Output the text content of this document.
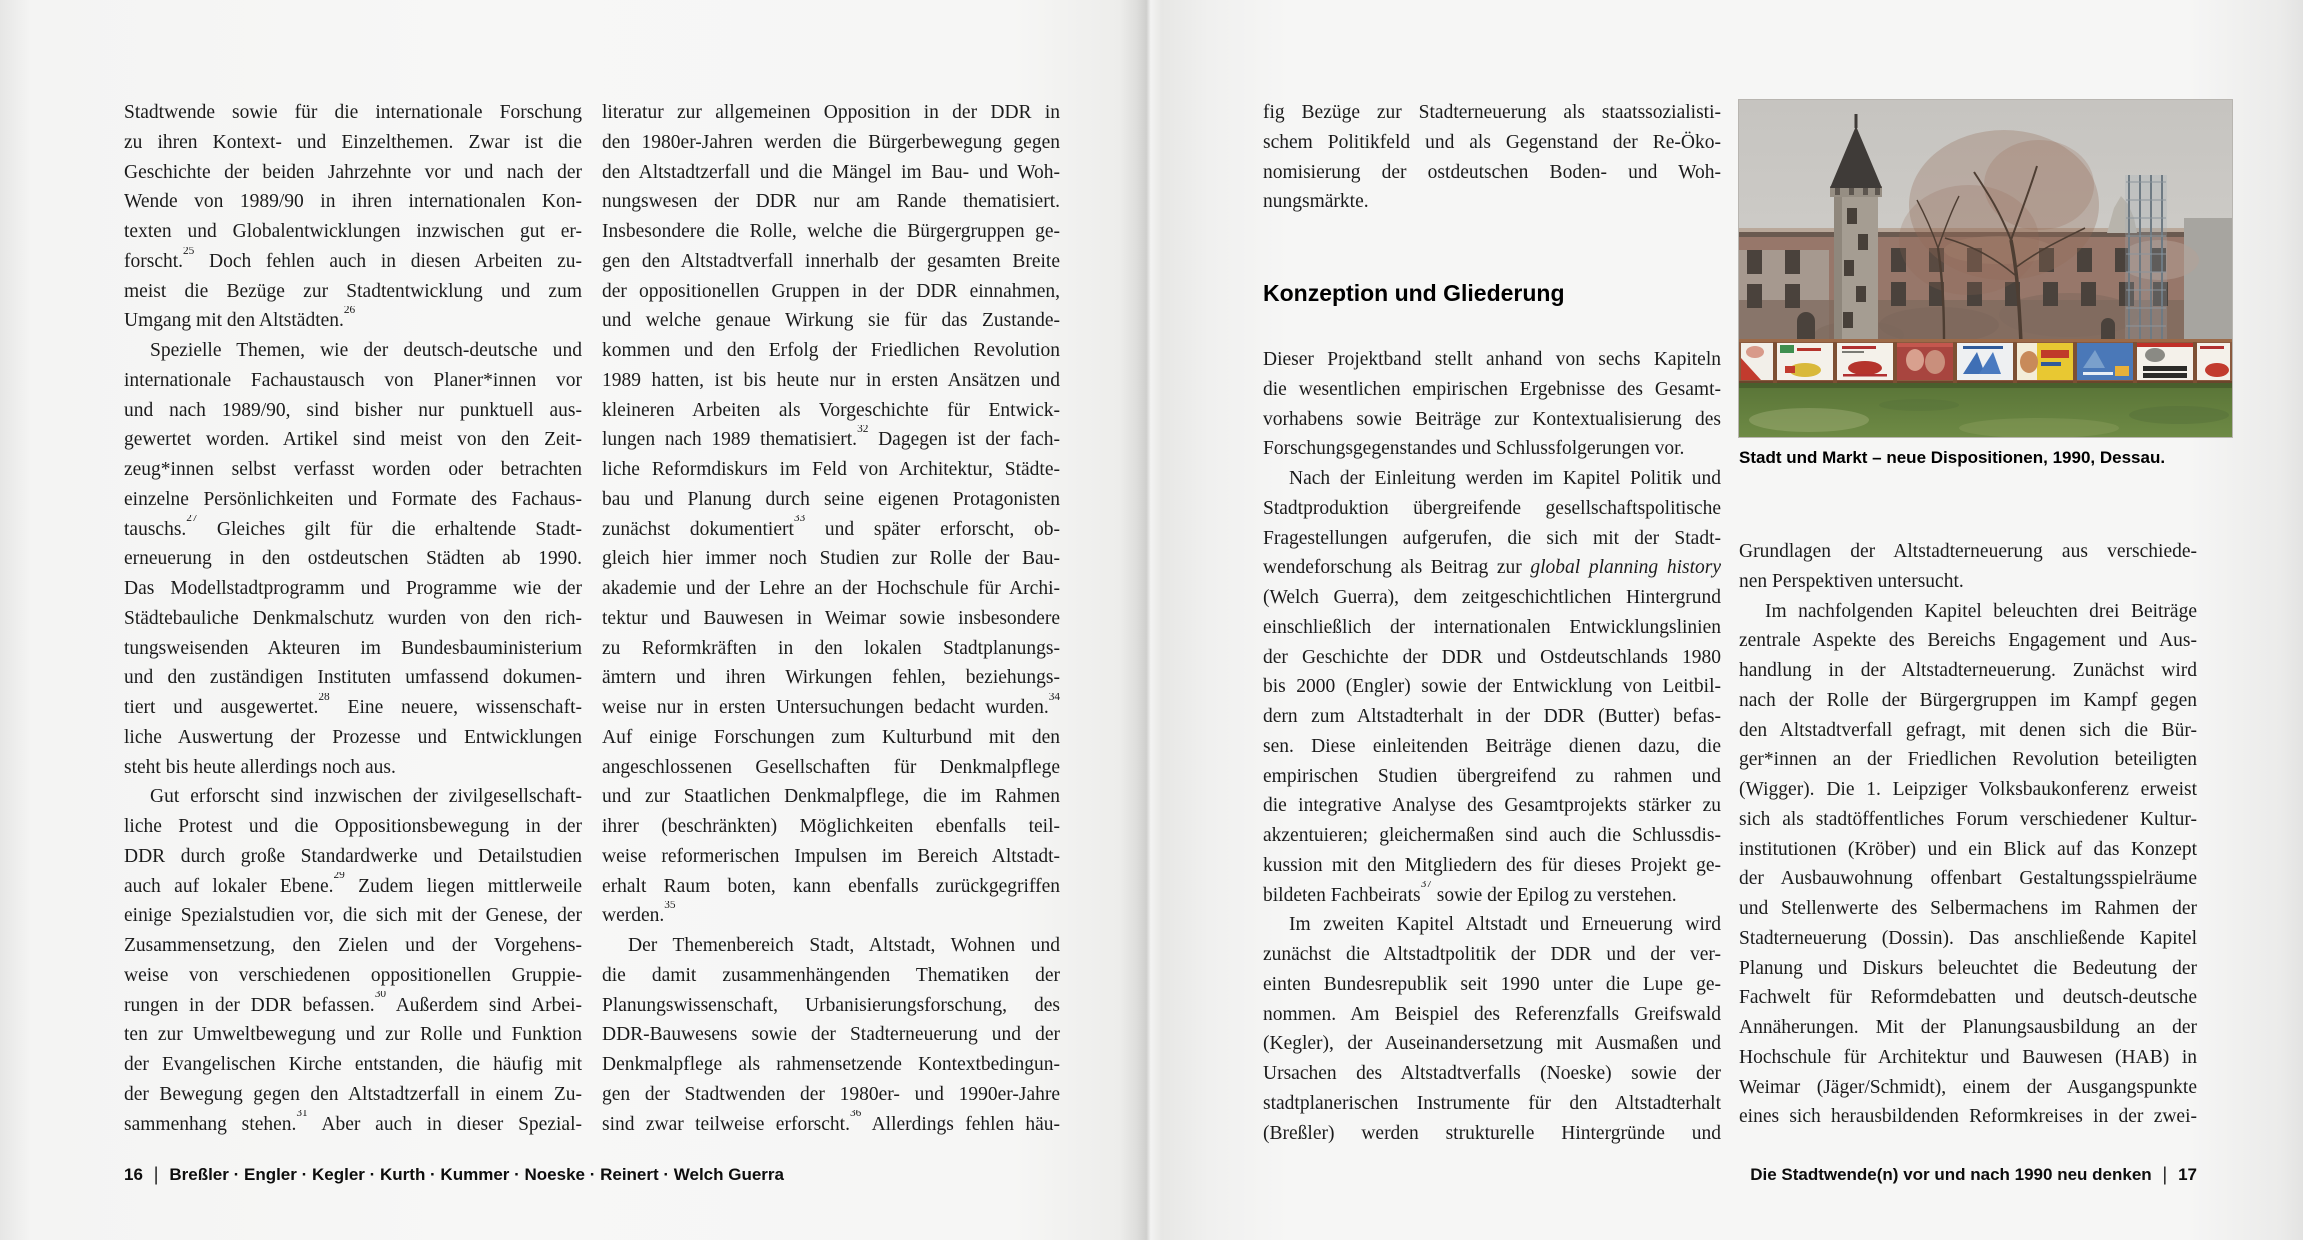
Stadtwende sowie für die internationale Forschung
zu ihren Kontext- und Einzelthemen. Zwar ist die
Geschichte der beiden Jahrzehnte vor und nach der
Wende von 1989/90 in ihren internationalen Kon-
texten und Globalentwicklungen inzwischen gut er-
forscht.$^{25}$ Doch fehlen auch in diesen Arbeiten zu-
meist die Bezüge zur Stadtentwicklung und zum
Umgang mit den Altstädten.$^{26}$
Spezielle Themen, wie der deutsch-deutsche und
internationale Fachaustausch von Planer*innen vor
und nach 1989/90, sind bisher nur punktuell aus-
gewertet worden. Artikel sind meist von den Zeit-
zeug*innen selbst verfasst worden oder betrachten
einzelne Persönlichkeiten und Formate des Fachaus-
tauschs.$^{27}$ Gleiches gilt für die erhaltende Stadt-
erneuerung in den ostdeutschen Städten ab 1990.
Das Modellstadtprogramm und Programme wie der
Städtebauliche Denkmalschutz wurden von den rich-
tungsweisenden Akteuren im Bundesbauministerium
und den zuständigen Instituten umfassend dokumen-
tiert und ausgewertet.$^{28}$ Eine neuere, wissenschaft-
liche Auswertung der Prozesse und Entwicklungen
steht bis heute allerdings noch aus.
Gut erforscht sind inzwischen der zivilgesellschaft-
liche Protest und die Oppositionsbewegung in der
DDR durch große Standardwerke und Detailstudien
auch auf lokaler Ebene.$^{29}$ Zudem liegen mittlerweile
einige Spezialstudien vor, die sich mit der Genese, der
Zusammensetzung, den Zielen und der Vorgehens-
weise von verschiedenen oppositionellen Gruppie-
rungen in der DDR befassen.$^{30}$ Außerdem sind Arbei-
ten zur Umweltbewegung und zur Rolle und Funktion
der Evangelischen Kirche entstanden, die häufig mit
der Bewegung gegen den Altstadtzerfall in einem Zu-
sammenhang stehen.$^{31}$ Aber auch in dieser Spezial-
literatur zur allgemeinen Opposition in der DDR in
den 1980er-Jahren werden die Bürgerbewegung gegen
den Altstadtzerfall und die Mängel im Bau- und Woh-
nungswesen der DDR nur am Rande thematisiert.
Insbesondere die Rolle, welche die Bürgergruppen ge-
gen den Altstadtverfall innerhalb der gesamten Breite
der oppositionellen Gruppen in der DDR einnahmen,
und welche genaue Wirkung sie für das Zustande-
kommen und den Erfolg der Friedlichen Revolution
1989 hatten, ist bis heute nur in ersten Ansätzen und
kleineren Arbeiten als Vorgeschichte für Entwick-
lungen nach 1989 thematisiert.$^{32}$ Dagegen ist der fach-
liche Reformdiskurs im Feld von Architektur, Städte-
bau und Planung durch seine eigenen Protagonisten
zunächst dokumentiert$^{33}$ und später erforscht, ob-
gleich hier immer noch Studien zur Rolle der Bau-
akademie und der Lehre an der Hochschule für Archi-
tektur und Bauwesen in Weimar sowie insbesondere
zu Reformkräften in den lokalen Stadtplanungs-
ämtern und ihren Wirkungen fehlen, beziehungs-
weise nur in ersten Untersuchungen bedacht wurden.$^{34}$
Auf einige Forschungen zum Kulturbund mit den
angeschlossenen Gesellschaften für Denkmalpflege
und zur Staatlichen Denkmalpflege, die im Rahmen
ihrer (beschränkten) Möglichkeiten ebenfalls teil-
weise reformerischen Impulsen im Bereich Altstadt-
erhalt Raum boten, kann ebenfalls zurückgegriffen
werden.$^{35}$
Der Themenbereich Stadt, Altstadt, Wohnen und
die damit zusammenhängenden Thematiken der
Planungswissenschaft, Urbanisierungsforschung, des
DDR-Bauwesens sowie der Stadterneuerung und der
Denkmalpflege als rahmensetzende Kontextbedingun-
gen der Stadtwenden der 1980er- und 1990er-Jahre
sind zwar teilweise erforscht.$^{36}$ Allerdings fehlen häu-
fig Bezüge zur Stadterneuerung als staatssozialisti-
schem Politikfeld und als Gegenstand der Re-Öko-
nomisierung der ostdeutschen Boden- und Woh-
nungsmärkte.
Konzeption und Gliederung
Dieser Projektband stellt anhand von sechs Kapiteln
die wesentlichen empirischen Ergebnisse des Gesamt-
vorhabens sowie Beiträge zur Kontextualisierung des
Forschungsgegenstandes und Schlussfolgerungen vor.
Nach der Einleitung werden im Kapitel Politik und
Stadtproduktion übergreifende gesellschaftspolitische
Fragestellungen aufgerufen, die sich mit der Stadt-
wendeforschung als Beitrag zur global planning history
(Welch Guerra), dem zeitgeschichtlichen Hintergrund
einschließlich der internationalen Entwicklungslinien
der Geschichte der DDR und Ostdeutschlands 1980
bis 2000 (Engler) sowie der Entwicklung von Leitbil-
dern zum Altstadterhalt in der DDR (Butter) befas-
sen. Diese einleitenden Beiträge dienen dazu, die
empirischen Studien übergreifend zu rahmen und
die integrative Analyse des Gesamtprojekts stärker zu
akzentuieren; gleichermaßen sind auch die Schlussdis-
kussion mit den Mitgliedern des für dieses Projekt ge-
bildeten Fachbeirats$^{37}$ sowie der Epilog zu verstehen.
Im zweiten Kapitel Altstadt und Erneuerung wird
zunächst die Altstadtpolitik der DDR und der ver-
einten Bundesrepublik seit 1990 unter die Lupe ge-
nommen. Am Beispiel des Referenzfalls Greifswald
(Kegler), der Auseinandersetzung mit Ausmaßen und
Ursachen des Altstadtverfalls (Noeske) sowie der
stadtplanerischen Instrumente für den Altstadterhalt
(Breßler) werden strukturelle Hintergründe und
Stadt und Markt – neue Dispositionen, 1990, Dessau.
Grundlagen der Altstadterneuerung aus verschiede-
nen Perspektiven untersucht.
Im nachfolgenden Kapitel beleuchten drei Beiträge
zentrale Aspekte des Bereichs Engagement und Aus-
handlung in der Altstadterneuerung. Zunächst wird
nach der Rolle der Bürgergruppen im Kampf gegen
den Altstadtverfall gefragt, mit denen sich die Bür-
ger*innen an der Friedlichen Revolution beteiligten
(Wigger). Die 1. Leipziger Volksbaukonferenz erweist
sich als stadtöffentliches Forum verschiedener Kultur-
institutionen (Kröber) und ein Blick auf das Konzept
der Ausbauwohnung offenbart Gestaltungsspielräume
und Stellenwerte des Selbermachens im Rahmen der
Stadterneuerung (Dossin). Das anschließende Kapitel
Planung und Diskurs beleuchtet die Bedeutung der
Fachwelt für Reformdebatten und deutsch-deutsche
Annäherungen. Mit der Planungsausbildung an der
Hochschule für Architektur und Bauwesen (HAB) in
Weimar (Jäger/Schmidt), einem der Ausgangspunkte
eines sich herausbildenden Reformkreises in der zwei-
16 | Breßler · Engler · Kegler · Kurth · Kummer · Noeske · Reinert · Welch Guerra	Die Stadtwende(n) vor und nach 1990 neu denken | 17
